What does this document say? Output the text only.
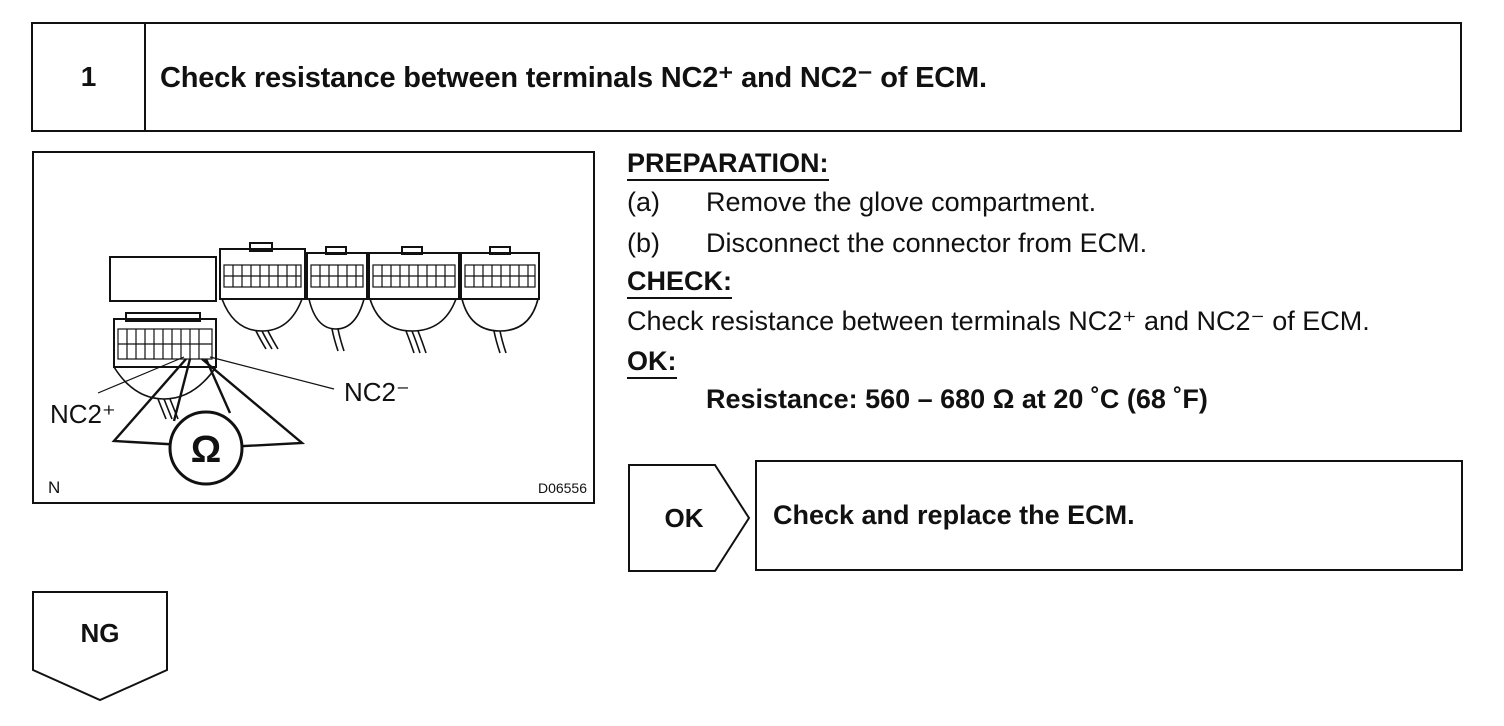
1	Check resistance between terminals NC2⁺ and NC2⁻ of ECM.
Ω
NC2⁺
NC2⁻
N	D06556
PREPARATION:
(a) Remove the glove compartment.
(b) Disconnect the connector from ECM.
CHECK:
Check resistance between terminals NC2⁺ and NC2⁻ of ECM.
OK:
Resistance: 560 – 680 Ω at 20 ˚C (68 ˚F)
OK	Check and replace the ECM.
NG
